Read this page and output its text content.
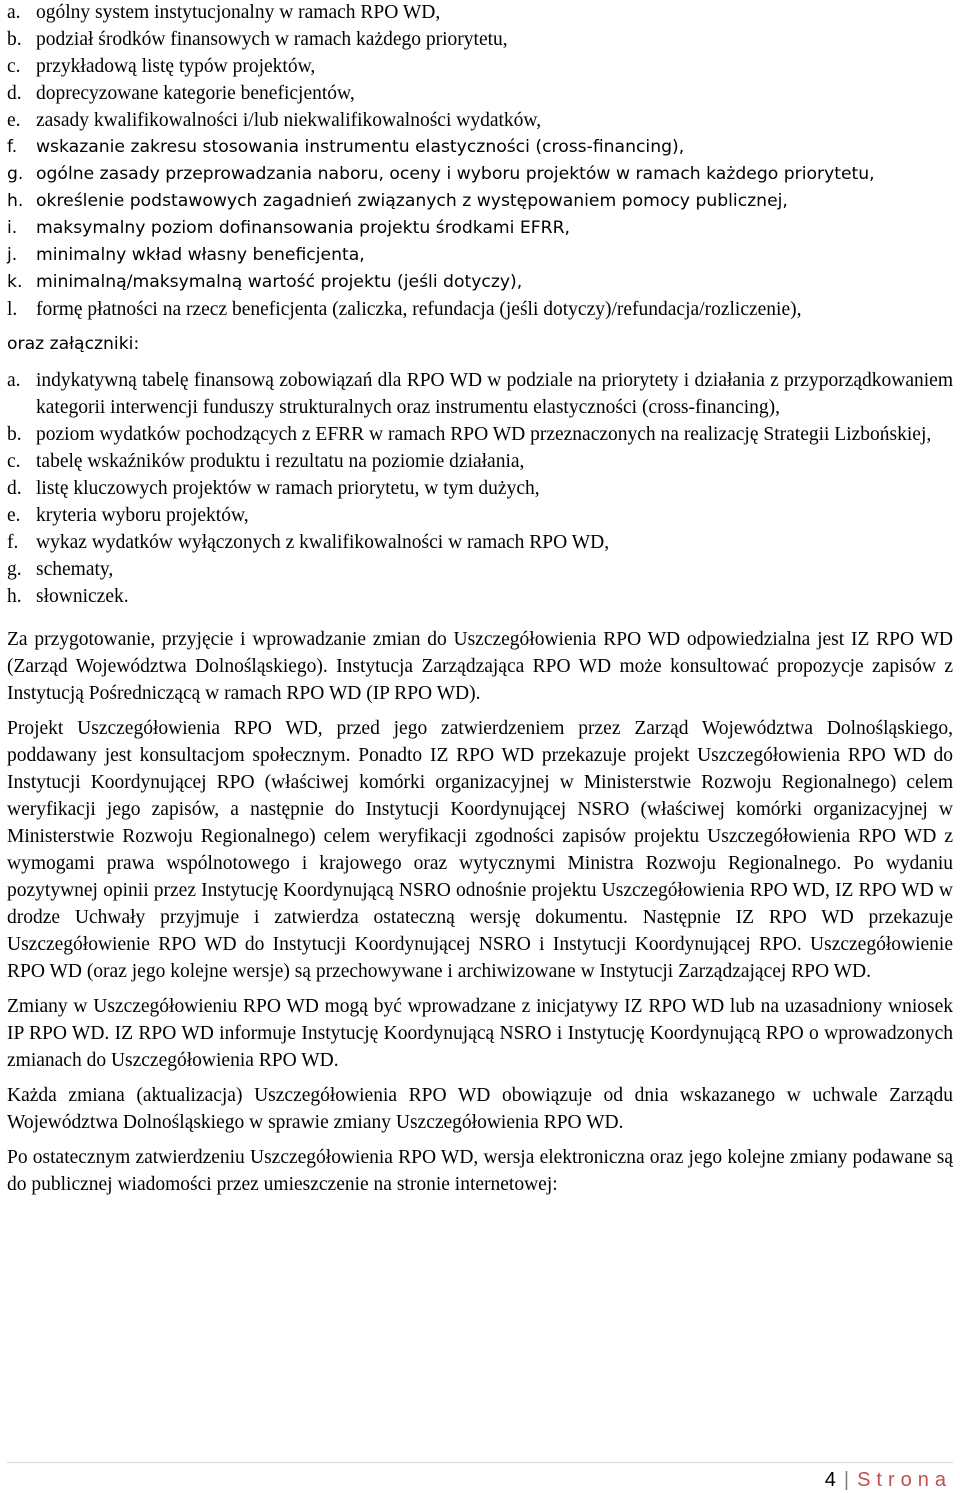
a. ogólny system instytucjonalny w ramach RPO WD,
b. podział środków finansowych w ramach każdego priorytetu,
c. przykładową listę typów projektów,
d. doprecyzowane kategorie beneficjentów,
e. zasady kwalifikowalności i/lub niekwalifikowalności wydatków,
f.	wskazanie zakresu stosowania instrumentu elastyczności (cross-financing),
g. ogólne zasady przeprowadzania naboru, oceny i wyboru projektów w ramach każdego priorytetu,
h. określenie podstawowych zagadnień związanych z występowaniem pomocy publicznej,
i.	maksymalny poziom dofinansowania projektu środkami EFRR,
j.	minimalny wkład własny beneficjenta,
k. minimalną/maksymalną wartość projektu (jeśli dotyczy),
l. formę płatności na rzecz beneficjenta (zaliczka, refundacja (jeśli dotyczy)/refundacja/rozliczenie),
oraz załączniki:
a. indykatywną tabelę finansową zobowiązań dla RPO WD w podziale na priorytety i działania z przyporządkowaniem kategorii interwencji funduszy strukturalnych oraz instrumentu elastyczności (cross-financing),
b. poziom wydatków pochodzących z EFRR w ramach RPO WD przeznaczonych na realizację Strategii Lizbońskiej,
c. tabelę wskaźników produktu i rezultatu na poziomie działania,
d. listę kluczowych projektów w ramach priorytetu, w tym dużych,
e. kryteria wyboru projektów,
f. wykaz wydatków wyłączonych z kwalifikowalności w ramach RPO WD,
g. schematy,
h. słowniczek.

Za przygotowanie, przyjęcie i wprowadzanie zmian do Uszczegółowienia RPO WD odpowiedzialna jest IZ RPO WD (Zarząd Województwa Dolnośląskiego). Instytucja Zarządzająca RPO WD może konsultować propozycje zapisów z Instytucją Pośredniczącą w ramach RPO WD (IP RPO WD).

Projekt Uszczegółowienia RPO WD, przed jego zatwierdzeniem przez Zarząd Województwa Dolnośląskiego, poddawany jest konsultacjom społecznym. Ponadto IZ RPO WD przekazuje projekt Uszczegółowienia RPO WD do Instytucji Koordynującej RPO (właściwej komórki organizacyjnej w Ministerstwie Rozwoju Regionalnego) celem weryfikacji jego zapisów, a następnie do Instytucji Koordynującej NSRO (właściwej komórki organizacyjnej w Ministerstwie Rozwoju Regionalnego) celem weryfikacji zgodności zapisów projektu Uszczegółowienia RPO WD z wymogami prawa wspólnotowego i krajowego oraz wytycznymi Ministra Rozwoju Regionalnego. Po wydaniu pozytywnej opinii przez Instytucję Koordynującą NSRO odnośnie projektu Uszczegółowienia RPO WD, IZ RPO WD w drodze Uchwały przyjmuje i zatwierdza ostateczną wersję dokumentu. Następnie IZ RPO WD przekazuje Uszczegółowienie RPO WD do Instytucji Koordynującej NSRO i Instytucji Koordynującej RPO. Uszczegółowienie RPO WD (oraz jego kolejne wersje) są przechowywane i archiwizowane w Instytucji Zarządzającej RPO WD.

Zmiany w Uszczegółowieniu RPO WD mogą być wprowadzane z inicjatywy IZ RPO WD lub na uzasadniony wniosek IP RPO WD. IZ RPO WD informuje Instytucję Koordynującą NSRO i Instytucję Koordynującą RPO o wprowadzonych zmianach do Uszczegółowienia RPO WD.

Każda zmiana (aktualizacja) Uszczegółowienia RPO WD obowiązuje od dnia wskazanego w uchwale Zarządu Województwa Dolnośląskiego w sprawie zmiany Uszczegółowienia RPO WD.

Po ostatecznym zatwierdzeniu Uszczegółowienia RPO WD, wersja elektroniczna oraz jego kolejne zmiany podawane są do publicznej wiadomości przez umieszczenie na stronie internetowej:

4 | Strona
